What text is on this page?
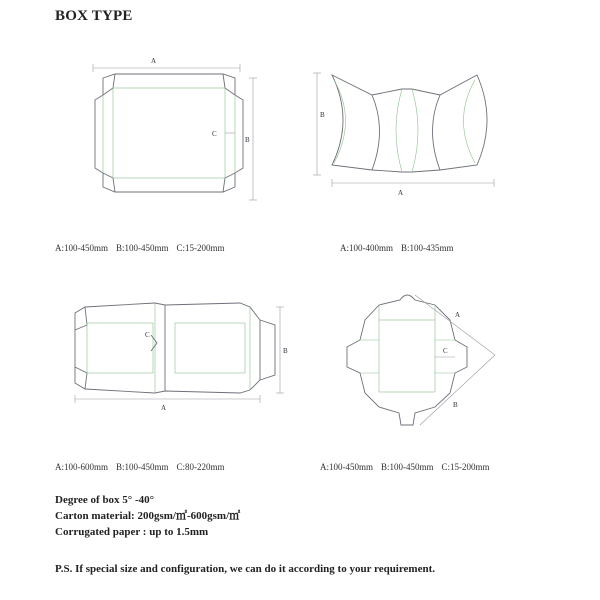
BOX TYPE
A
C
B
A:100-450mm B:100-450mm C:15-200mm
B
A
A:100-400mm B:100-435mm
C
B
A
A:100-600mm B:100-450mm C:80-220mm
C
A
B
A:100-450mm B:100-450mm C:15-200mm
Degree of box 5° -40°
Carton material: 200gsm/㎡-600gsm/㎡
Corrugated paper : up to 1.5mm
P.S. If special size and configuration, we can do it according to your requirement.
